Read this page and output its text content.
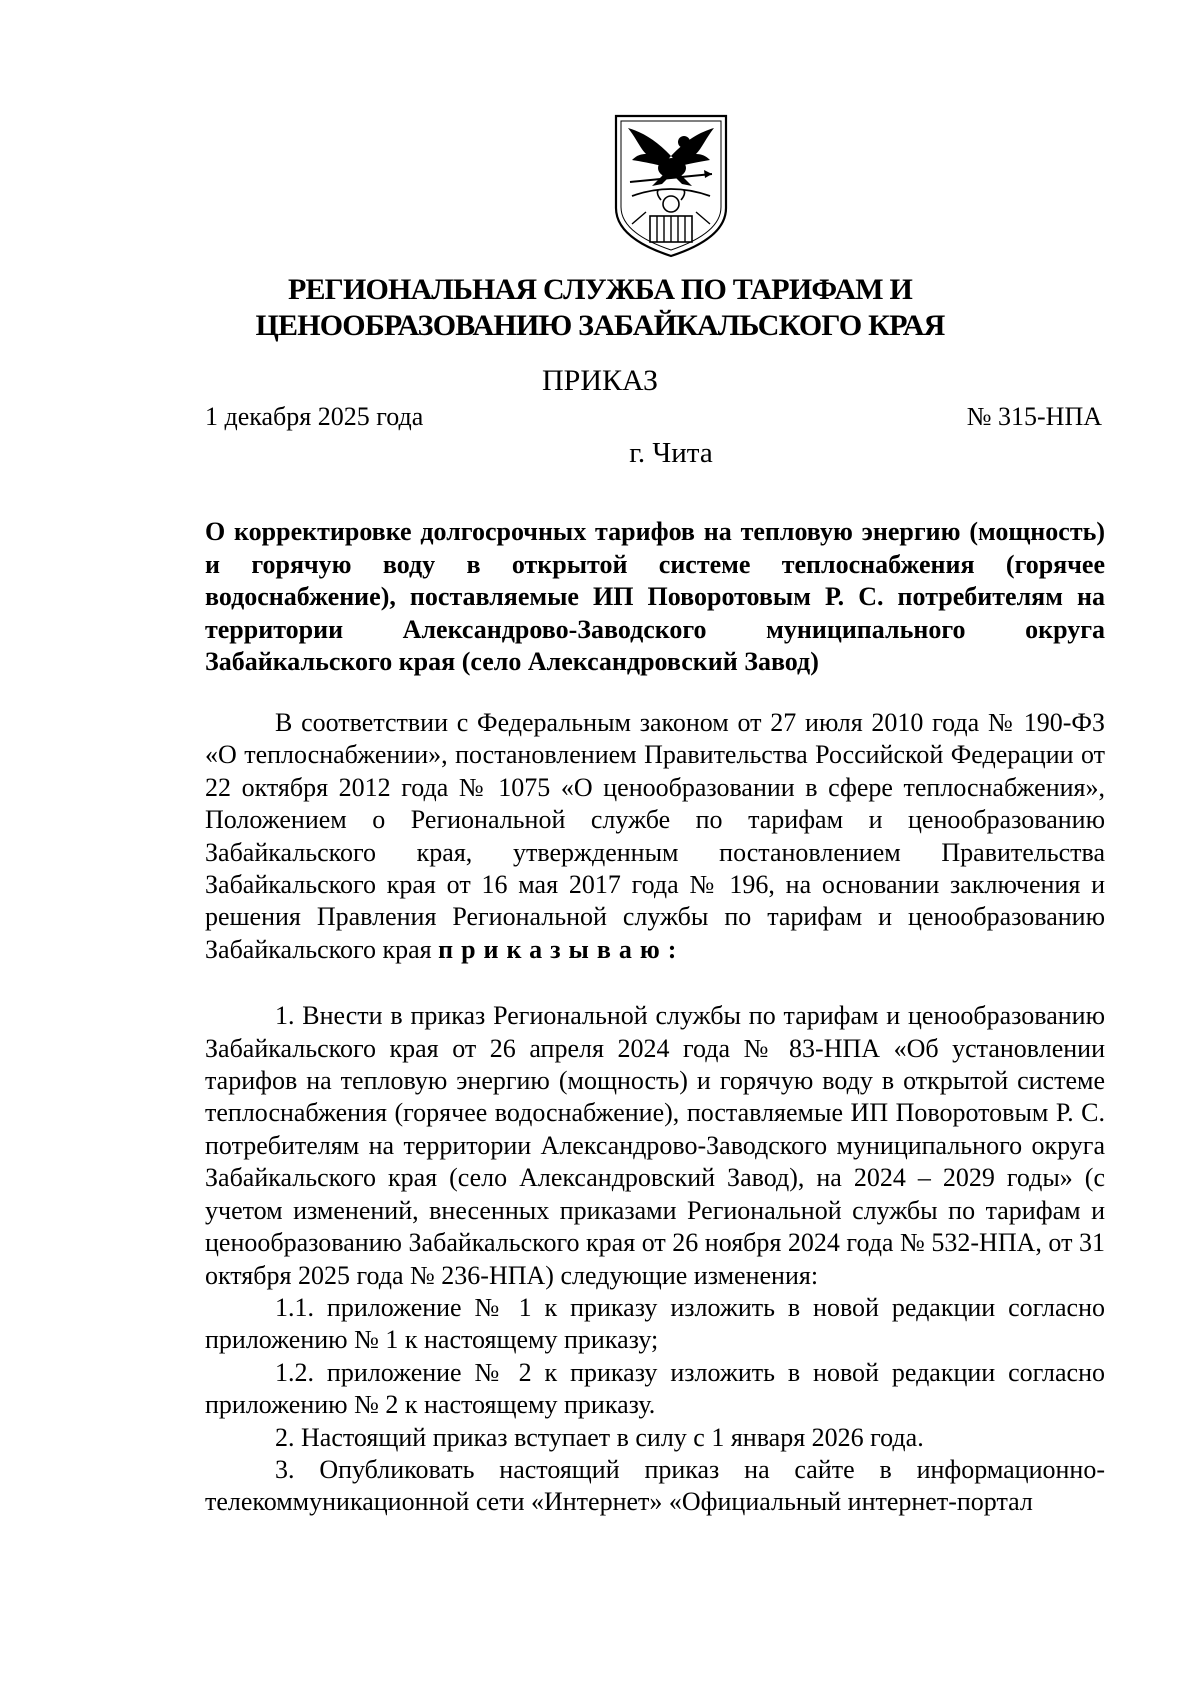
РЕГИОНАЛЬНАЯ СЛУЖБА ПО ТАРИФАМ И
ЦЕНООБРАЗОВАНИЮ ЗАБАЙКАЛЬСКОГО КРАЯ
ПРИКАЗ
1 декабря 2025 года	№ 315-НПА
г. Чита
О корректировке долгосрочных тарифов на тепловую энергию (мощность) и горячую воду в открытой системе теплоснабжения (горячее водоснабжение), поставляемые ИП Поворотовым Р. С. потребителям на территории Александрово-Заводского муниципального округа Забайкальского края (село Александровский Завод)

В соответствии с Федеральным законом от 27 июля 2010 года № 190-ФЗ «О теплоснабжении», постановлением Правительства Российской Федерации от 22 октября 2012 года № 1075 «О ценообразовании в сфере теплоснабжения», Положением о Региональной службе по тарифам и ценообразованию Забайкальского края, утвержденным постановлением Правительства Забайкальского края от 16 мая 2017 года № 196, на основании заключения и решения Правления Региональной службы по тарифам и ценообразованию Забайкальского края приказываю:

1. Внести в приказ Региональной службы по тарифам и ценообразованию Забайкальского края от 26 апреля 2024 года № 83-НПА «Об установлении тарифов на тепловую энергию (мощность) и горячую воду в открытой системе теплоснабжения (горячее водоснабжение), поставляемые ИП Поворотовым Р. С. потребителям на территории Александрово-Заводского муниципального округа Забайкальского края (село Александровский Завод), на 2024 – 2029 годы» (с учетом изменений, внесенных приказами Региональной службы по тарифам и ценообразованию Забайкальского края от 26 ноября 2024 года № 532-НПА, от 31 октября 2025 года № 236-НПА) следующие изменения:

1.1. приложение № 1 к приказу изложить в новой редакции согласно приложению № 1 к настоящему приказу;

1.2. приложение № 2 к приказу изложить в новой редакции согласно приложению № 2 к настоящему приказу.

2. Настоящий приказ вступает в силу с 1 января 2026 года.

3. Опубликовать настоящий приказ на сайте в информационно-телекоммуникационной сети «Интернет» «Официальный интернет-портал
